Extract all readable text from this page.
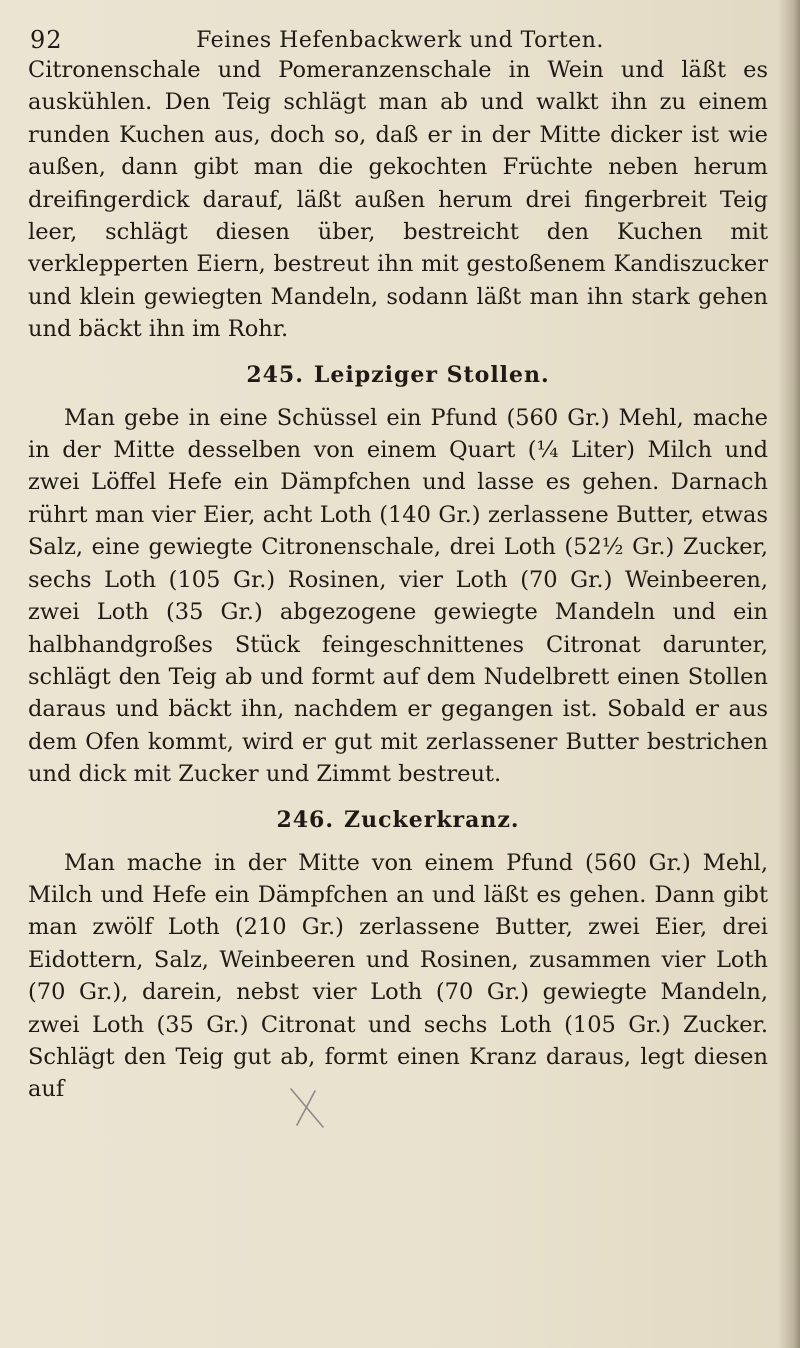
92	Feines Hefenbackwerk und Torten.

Citronenschale und Pomeranzenschale in Wein und läßt es auskühlen. Den Teig schlägt man ab und walkt ihn zu einem runden Kuchen aus, doch so, daß er in der Mitte dicker ist wie außen, dann gibt man die gekochten Früchte neben herum dreifingerdick darauf, läßt außen herum drei fingerbreit Teig leer, schlägt diesen über, bestreicht den Kuchen mit verklepperten Eiern, bestreut ihn mit gestoßenem Kandiszucker und klein gewiegten Mandeln, sodann läßt man ihn stark gehen und bäckt ihn im Rohr.

245. Leipziger Stollen.

Man gebe in eine Schüssel ein Pfund (560 Gr.) Mehl, mache in der Mitte desselben von einem Quart (¼ Liter) Milch und zwei Löffel Hefe ein Dämpfchen und lasse es gehen. Darnach rührt man vier Eier, acht Loth (140 Gr.) zerlassene Butter, etwas Salz, eine gewiegte Citronenschale, drei Loth (52½ Gr.) Zucker, sechs Loth (105 Gr.) Rosinen, vier Loth (70 Gr.) Weinbeeren, zwei Loth (35 Gr.) abgezogene gewiegte Mandeln und ein halbhandgroßes Stück feingeschnittenes Citronat darunter, schlägt den Teig ab und formt auf dem Nudelbrett einen Stollen daraus und bäckt ihn, nachdem er gegangen ist. Sobald er aus dem Ofen kommt, wird er gut mit zerlassener Butter bestrichen und dick mit Zucker und Zimmt bestreut.

246. Zuckerkranz.

Man mache in der Mitte von einem Pfund (560 Gr.) Mehl, Milch und Hefe ein Dämpfchen an und läßt es gehen. Dann gibt man zwölf Loth (210 Gr.) zerlassene Butter, zwei Eier, drei Eidottern, Salz, Weinbeeren und Rosinen, zusammen vier Loth (70 Gr.), darein, nebst vier Loth (70 Gr.) gewiegte Mandeln, zwei Loth (35 Gr.) Citronat und sechs Loth (105 Gr.) Zucker. Schlägt den Teig gut ab, formt einen Kranz daraus, legt diesen auf
